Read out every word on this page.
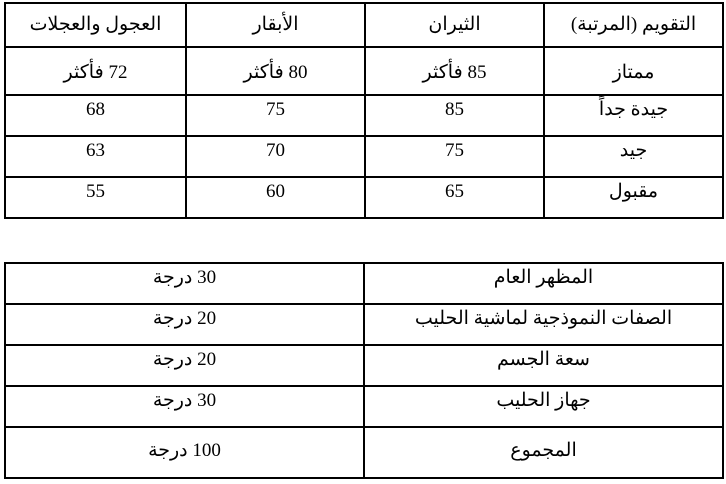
التقويم (المرتبة)	الثيران	الأبقار	العجول والعجلات
ممتاز	85 فأكثر	80 فأكثر	72 فأكثر
جيدة جداً	85	75	68
جيد	75	70	63
مقبول	65	60	55
المظهر العام	30 درجة
الصفات النموذجية لماشية الحليب	20 درجة
سعة الجسم	20 درجة
جهاز الحليب	30 درجة
المجموع	100 درجة
